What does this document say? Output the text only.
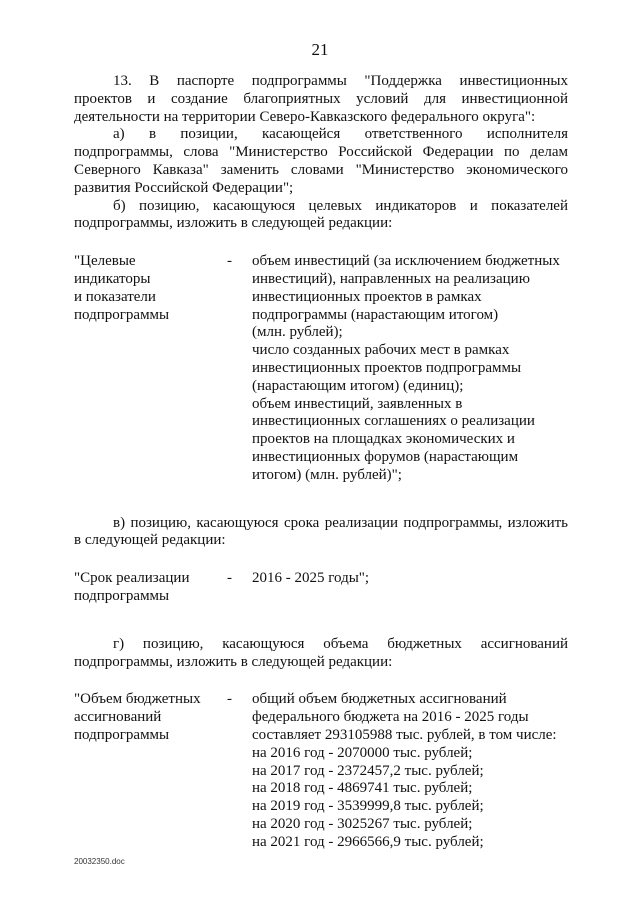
21
13. В паспорте подпрограммы "Поддержка инвестиционных
проектов и создание благоприятных условий для инвестиционной
деятельности на территории Северо-Кавказского федерального округа":
а) в позиции, касающейся ответственного исполнителя
подпрограммы, слова "Министерство Российской Федерации по делам
Северного Кавказа" заменить словами "Министерство экономического
развития Российской Федерации";
б) позицию, касающуюся целевых индикаторов и показателей
подпрограммы, изложить в следующей редакции:
"Целевые
индикаторы
и показатели
подпрограммы
-	объем инвестиций (за исключением бюджетных
инвестиций), направленных на реализацию
инвестиционных проектов в рамках
подпрограммы (нарастающим итогом)
(млн. рублей);
число созданных рабочих мест в рамках
инвестиционных проектов подпрограммы
(нарастающим итогом) (единиц);
объем инвестиций, заявленных в
инвестиционных соглашениях о реализации
проектов на площадках экономических и
инвестиционных форумов (нарастающим
итогом) (млн. рублей)";
в) позицию, касающуюся срока реализации подпрограммы, изложить
в следующей редакции:
"Срок реализации
подпрограммы
-	2016 - 2025 годы";
г) позицию, касающуюся объема бюджетных ассигнований
подпрограммы, изложить в следующей редакции:
"Объем бюджетных
ассигнований
подпрограммы
-	общий объем бюджетных ассигнований
федерального бюджета на 2016 - 2025 годы
составляет 293105988 тыс. рублей, в том числе:
на 2016 год - 2070000 тыс. рублей;
на 2017 год - 2372457,2 тыс. рублей;
на 2018 год - 4869741 тыс. рублей;
на 2019 год - 3539999,8 тыс. рублей;
на 2020 год - 3025267 тыс. рублей;
на 2021 год - 2966566,9 тыс. рублей;
20032350.doc
